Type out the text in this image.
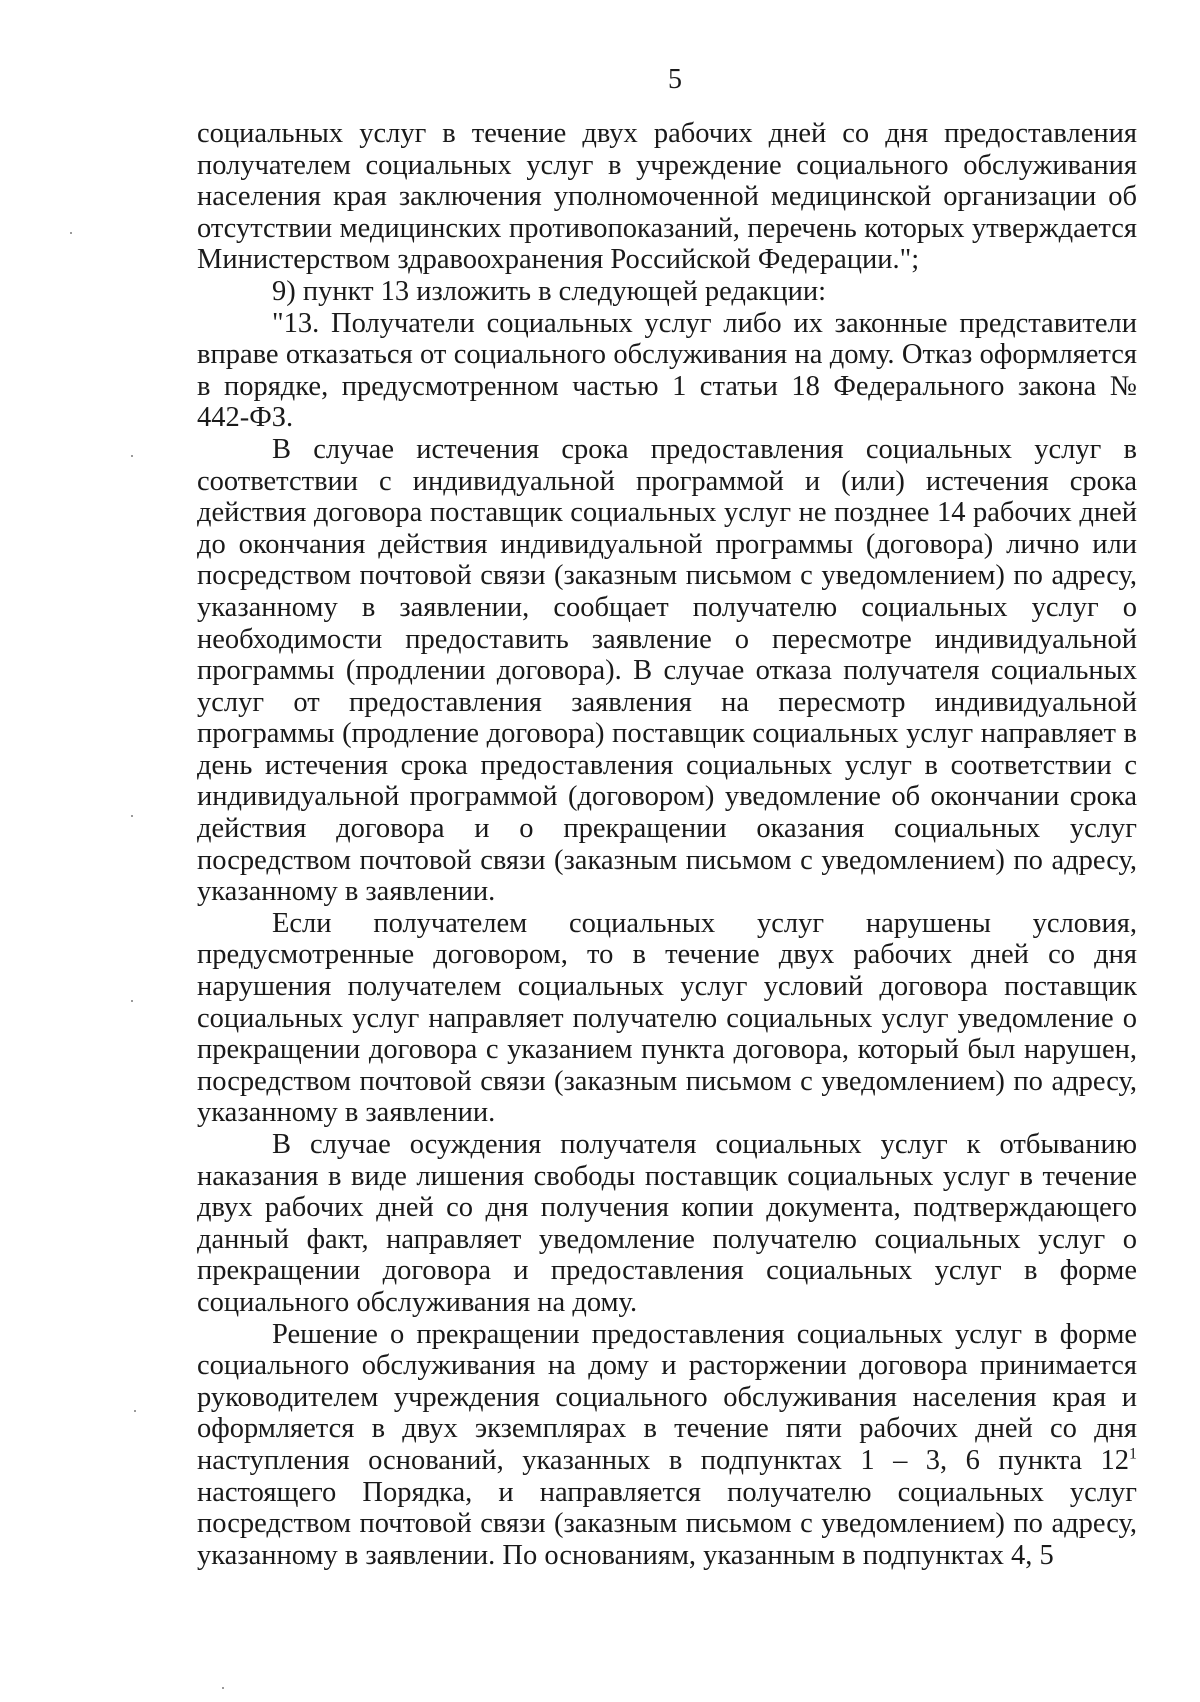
5

социальных услуг в течение двух рабочих дней со дня предоставления получателем социальных услуг в учреждение социального обслуживания населения края заключения уполномоченной медицинской организации об отсутствии медицинских противопоказаний, перечень которых утверждается Министерством здравоохранения Российской Федерации.";

9) пункт 13 изложить в следующей редакции:

"13. Получатели социальных услуг либо их законные представители вправе отказаться от социального обслуживания на дому. Отказ оформляется в порядке, предусмотренном частью 1 статьи 18 Федерального закона № 442-ФЗ.

В случае истечения срока предоставления социальных услуг в соответствии с индивидуальной программой и (или) истечения срока действия договора поставщик социальных услуг не позднее 14 рабочих дней до окончания действия индивидуальной программы (договора) лично или посредством почтовой связи (заказным письмом с уведомлением) по адресу, указанному в заявлении, сообщает получателю социальных услуг о необходимости предоставить заявление о пересмотре индивидуальной программы (продлении договора). В случае отказа получателя социальных услуг от предоставления заявления на пересмотр индивидуальной программы (продление договора) поставщик социальных услуг направляет в день истечения срока предоставления социальных услуг в соответствии с индивидуальной программой (договором) уведомление об окончании срока действия договора и о прекращении оказания социальных услуг посредством почтовой связи (заказным письмом с уведомлением) по адресу, указанному в заявлении.

Если получателем социальных услуг нарушены условия, предусмотренные договором, то в течение двух рабочих дней со дня нарушения получателем социальных услуг условий договора поставщик социальных услуг направляет получателю социальных услуг уведомление о прекращении договора с указанием пункта договора, который был нарушен, посредством почтовой связи (заказным письмом с уведомлением) по адресу, указанному в заявлении.

В случае осуждения получателя социальных услуг к отбыванию наказания в виде лишения свободы поставщик социальных услуг в течение двух рабочих дней со дня получения копии документа, подтверждающего данный факт, направляет уведомление получателю социальных услуг о прекращении договора и предоставления социальных услуг в форме социального обслуживания на дому.

Решение о прекращении предоставления социальных услуг в форме социального обслуживания на дому и расторжении договора принимается руководителем учреждения социального обслуживания населения края и оформляется в двух экземплярах в течение пяти рабочих дней со дня наступления оснований, указанных в подпунктах 1 – 3, 6 пункта $12^1$ настоящего Порядка, и направляется получателю социальных услуг посредством почтовой связи (заказным письмом с уведомлением) по адресу, указанному в заявлении. По основаниям, указанным в подпунктах 4, 5
